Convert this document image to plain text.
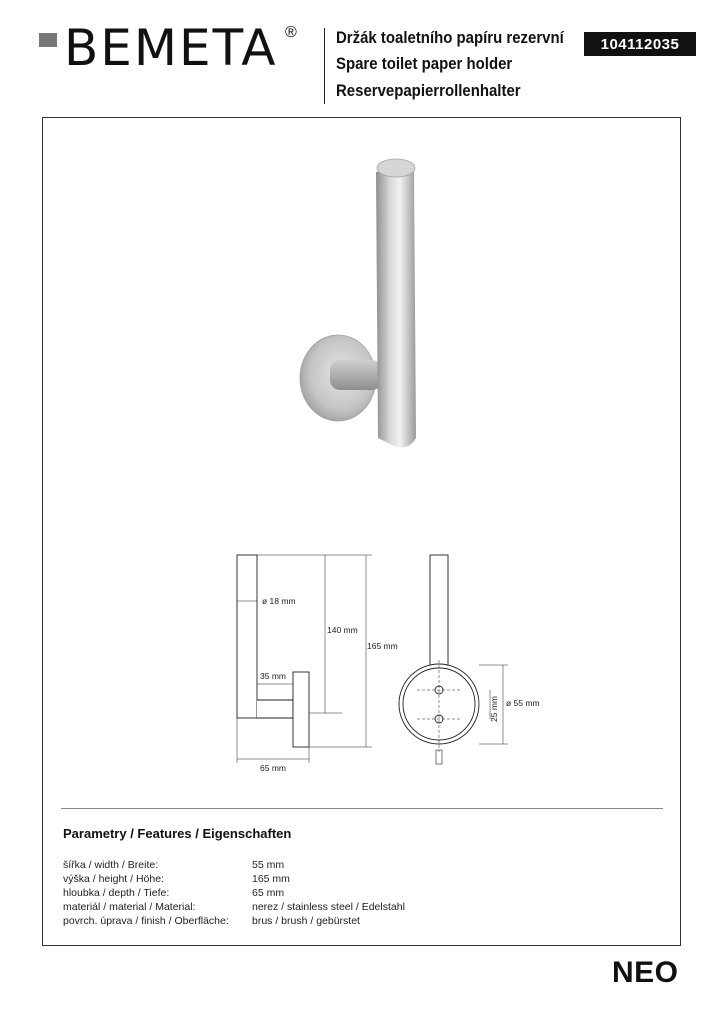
BEMETA ® Držák toaletního papíru rezervní
Spare toilet paper holder
Reservepapierrollenhalter
104112035
ø 18 mm
140 mm
165 mm
35 mm
65 mm
25 mm ø 55 mm
Parametry / Features / Eigenschaften
šířka / width / Breite:	55 mm
výška / height / Höhe:	165 mm
hloubka / depth / Tiefe:	65 mm
materiál / material / Material:	nerez / stainless steel / Edelstahl
povrch. úprava / finish / Oberfläche: brus / brush / gebürstet
NEO
